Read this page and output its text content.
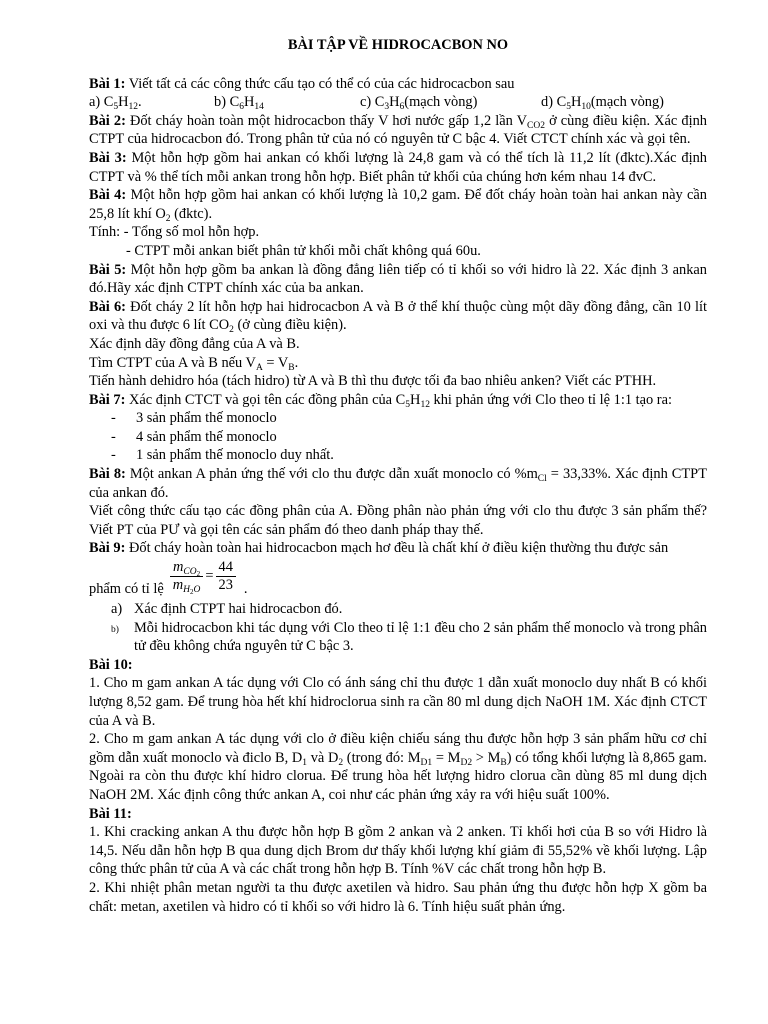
BÀI TẬP VỀ HIDROCACBON NO

Bài 1: Viết tất cả các công thức cấu tạo có thể có của các hidrocacbon sau

a) $C_5H_{12}$.	b) $C_6H_{14}$	c) $C_3H_6(mạch$ vòng)	d) $C_5H_{10}(mạch$ vòng)

Bài 2: Đốt cháy hoàn toàn một hidrocacbon thấy V hơi nước gấp 1,2 lần $V_{CO2}$ ở cùng điều kiện. Xác định CTPT của hidrocacbon đó. Trong phân tử của nó có nguyên tử C bậc 4. Viết CTCT chính xác và gọi tên.

Bài 3: Một hỗn hợp gồm hai ankan có khối lượng là 24,8 gam và có thể tích là 11,2 lít (đktc).Xác định CTPT và % thể tích mỗi ankan trong hỗn hợp. Biết phân tử khối của chúng hơn kém nhau 14 đvC.

Bài 4: Một hỗn hợp gồm hai ankan có khối lượng là 10,2 gam. Để đốt cháy hoàn toàn hai ankan này cần 25,8 lít khí $O_2$ (đktc).

Tính: - Tổng số mol hỗn hợp.

- CTPT mỗi ankan biết phân tử khối mỗi chất không quá 60u.

Bài 5: Một hỗn hợp gồm ba ankan là đồng đẳng liên tiếp có tỉ khối so với hidro là 22. Xác định 3 ankan đó.Hãy xác định CTPT chính xác của ba ankan.

Bài 6: Đốt cháy 2 lít hỗn hợp hai hidrocacbon A và B ở thể khí thuộc cùng một dãy đồng đẳng, cần 10 lít oxi và thu được 6 lít $CO_2$ (ở cùng điều kiện).

Xác định dãy đồng đẳng của A và B.

Tìm CTPT của A và B nếu $V_A = V_B$.

Tiến hành dehidro hóa (tách hidro) từ A và B thì thu được tối đa bao nhiêu anken? Viết các PTHH.

Bài 7: Xác định CTCT và gọi tên các đồng phân của $C_5H_{12}$ khi phản ứng với Clo theo tỉ lệ 1:1 tạo ra:

-	3 sản phẩm thế monoclo
-	4 sản phẩm thế monoclo
-	1 sản phẩm thế monoclo duy nhất.

Bài 8: Một ankan A phản ứng thế với clo thu được dẫn xuất monoclo có $\%m_{Cl} = 33,33\%$. Xác định CTPT của ankan đó.

Viết công thức cấu tạo các đồng phân của A. Đồng phân nào phản ứng với clo thu được 3 sản phẩm thế? Viết PT của PƯ và gọi tên các sản phẩm đó theo danh pháp thay thế.

Bài 9: Đốt cháy hoàn toàn hai hidrocacbon mạch hơ đều là chất khí ở điều kiện thường thu được sản

phẩm có tỉ lệ $\frac{m_{CO2}}{m_{H2O}} = \frac{44}{23}$ .
a) Xác định CTPT hai hidrocacbon đó.
b)	Mỗi hidrocacbon khi tác dụng với Clo theo tỉ lệ 1:1 đều cho 2 sản phẩm thế monoclo và trong phân tử đều không chứa nguyên tử C bậc 3.

Bài 10:

1. Cho m gam ankan A tác dụng với Clo có ánh sáng chỉ thu được 1 dẫn xuất monoclo duy nhất B có khối lượng 8,52 gam. Để trung hòa hết khí hidroclorua sinh ra cần 80 ml dung dịch NaOH 1M. Xác định CTCT của A và B.

2. Cho m gam ankan A tác dụng với clo ở điều kiện chiếu sáng thu được hỗn hợp 3 sản phẩm hữu cơ chỉ gồm dẫn xuất monoclo và điclo B, $D_1$ và $D_2$ (trong đó: $M_{D1} = M_{D2} > M_B$) có tổng khối lượng là 8,865 gam. Ngoài ra còn thu được khí hidro clorua. Để trung hòa hết lượng hidro clorua cần dùng 85 ml dung dịch NaOH 2M. Xác định công thức ankan A, coi như các phản ứng xảy ra với hiệu suất 100%.

Bài 11:

1. Khi cracking ankan A thu được hỗn hợp B gồm 2 ankan và 2 anken. Tỉ khối hơi của B so với Hidro là 14,5. Nếu dẫn hỗn hợp B qua dung dịch Brom dư thấy khối lượng khí giảm đi 55,52% về khối lượng. Lập công thức phân tử của A và các chất trong hỗn hợp B. Tính %V các chất trong hỗn hợp B.

2. Khi nhiệt phân metan người ta thu được axetilen và hidro. Sau phản ứng thu được hỗn hợp X gồm ba chất: metan, axetilen và hidro có tỉ khối so với hidro là 6. Tính hiệu suất phản ứng.
